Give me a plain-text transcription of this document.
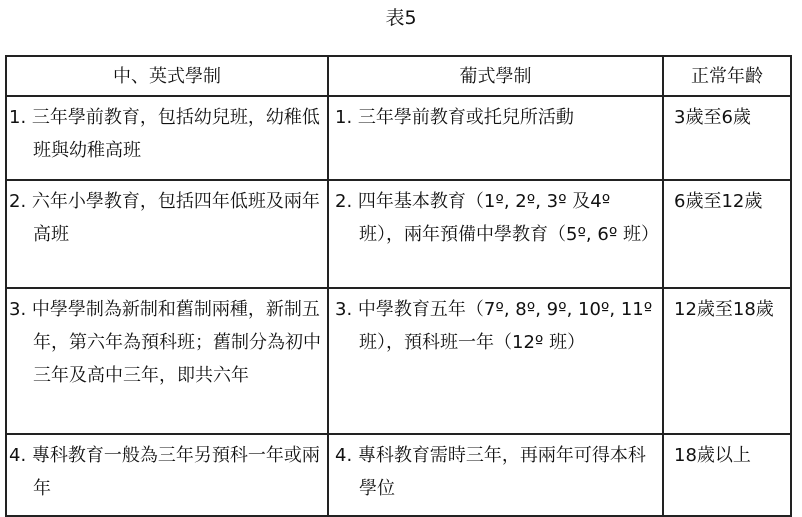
表5
中、英式學制	葡式學制	正常年齡

1. 三年學前教育，包括幼兒班，幼稚低班與幼稚高班	1. 三年學前教育或托兒所活動	3歲至6歲

2. 六年小學教育，包括四年低班及兩年高班	2. 四年基本教育（1º, 2º, 3º 及4º 班），兩年預備中學教育（5º, 6º 班）	6歲至12歲

3. 中學學制為新制和舊制兩種，新制五年，第六年為預科班；舊制分為初中三年及高中三年，即共六年	3. 中學教育五年（7º, 8º, 9º, 10º, 11º 班），預科班一年（12º 班）	12歲至18歲

4. 專科教育一般為三年另預科一年或兩年	4. 專科教育需時三年，再兩年可得本科學位	18歲以上
